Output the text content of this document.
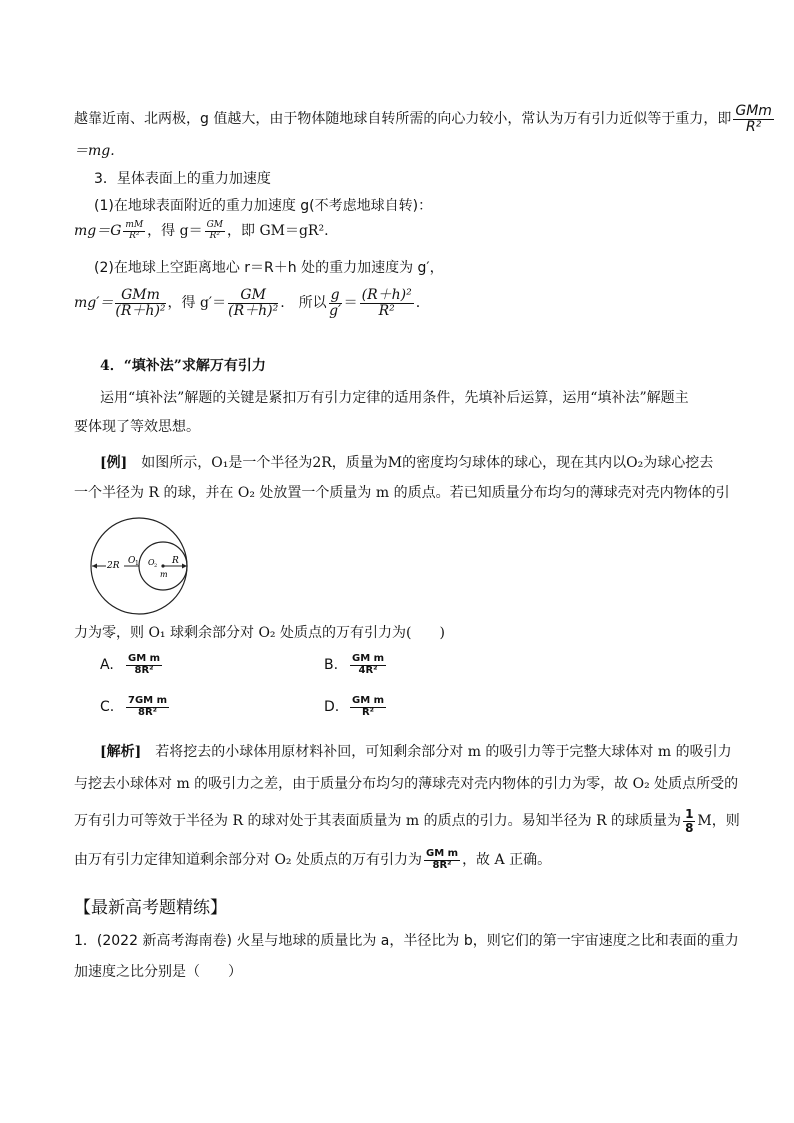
越靠近南、北两极，g 值越大，由于物体随地球自转所需的向心力较小，常认为万有引力近似等于重力，即 $\frac{\text{GMm}}{\text{R²}}$
＝mg.
3．星体表面上的重力加速度
(1)在地球表面附近的重力加速度 g(不考虑地球自转)：
$mg=G \frac{mM}{\text{R²}}$ ，得 $g= \frac{GM}{\text{R²}}$ ，即 GM＝gR².
(2)在地球上空距离地心 r＝R＋h 处的重力加速度为 g′，
$mg'= \frac{\text{GMm}}{\text{(R＋h)²}}$ ，得 $g'= \frac{GM}{\text{(R＋h)²}}$ .　所以 $\frac{g}{g'} = \frac{\text{(R＋h)²}}{\text{R²}}$ .
4．“填补法”求解万有引力
运用“填补法”解题的关键是紧扣万有引力定律的适用条件，先填补后运算，运用“填补法”解题主
要体现了等效思想。
[例]　如图所示，O₁是一个半径为2R，质量为M的密度均匀球体的球心，现在其内以O₂为球心挖去
一个半径为 R 的球，并在 O₂ 处放置一个质量为 m 的质点。若已知质量分布均匀的薄球壳对壳内物体的引
2R O 1 O 2 R
m
力为零，则 O₁ 球剩余部分对 O₂ 处质点的万有引力为(　　)
A. $\frac{\text{GM m}}{\text{8R²}}$	B. $\frac{\text{GM m}}{\text{4R²}}$
C. $\frac{\text{7GM m}}{\text{8R²}}$	D. $\frac{\text{GM m}}{\text{R²}}$
[解析]　若将挖去的小球体用原材料补回，可知剩余部分对 m 的吸引力等于完整大球体对 m 的吸引力
与挖去小球体对 m 的吸引力之差，由于质量分布均匀的薄球壳对壳内物体的引力为零，故 O₂ 处质点所受的
万有引力可等效于半径为 R 的球对处于其表面质量为 m 的质点的引力。易知半径为 R 的球质量为 $\frac{1}{8}$ M，则
由万有引力定律知道剩余部分对 O₂ 处质点的万有引力为 $\frac{\text{GM m}}{\text{8R²}}$ ，故 A 正确。
【最新高考题精练】
1．(2022 新高考海南卷) 火星与地球的质量比为 a，半径比为 b，则它们的第一宇宙速度之比和表面的重力
加速度之比分别是（　　）
